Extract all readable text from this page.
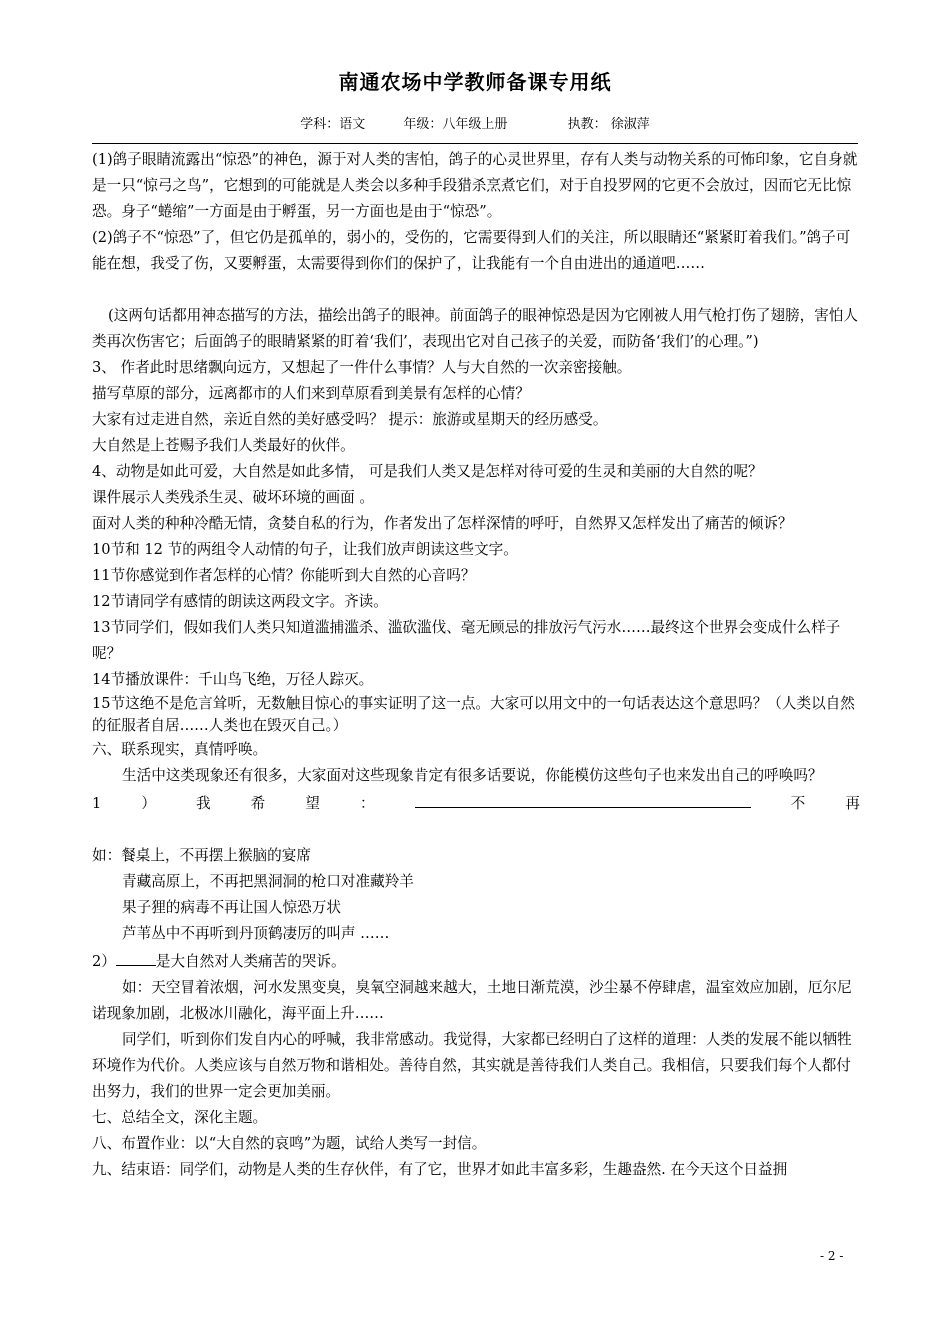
南通农场中学教师备课专用纸
学科：语文	年级：八年级上册	执教： 徐淑萍

(1)鸽子眼睛流露出“惊恐”的神色，源于对人类的害怕，鸽子的心灵世界里，存有人类与动物关系的可怖印象，它自身就是一只“惊弓之鸟”，它想到的可能就是人类会以多种手段猎杀烹煮它们，对于自投罗网的它更不会放过，因而它无比惊恐。身子“蜷缩”一方面是由于孵蛋，另一方面也是由于“惊恐”。

(2)鸽子不“惊恐”了，但它仍是孤单的，弱小的，受伤的，它需要得到人们的关注，所以眼睛还“紧紧盯着我们。”鸽子可能在想，我受了伤，又要孵蛋，太需要得到你们的保护了，让我能有一个自由进出的通道吧……

(这两句话都用神态描写的方法，描绘出鸽子的眼神。前面鸽子的眼神惊恐是因为它刚被人用气枪打伤了翅膀，害怕人类再次伤害它；后面鸽子的眼睛紧紧的盯着‘我们’，表现出它对自己孩子的关爱，而防备‘我们’的心理。”)

3、 作者此时思绪飘向远方，又想起了一件什么事情？人与大自然的一次亲密接触。

描写草原的部分，远离都市的人们来到草原看到美景有怎样的心情？

大家有过走进自然，亲近自然的美好感受吗？ 提示：旅游或星期天的经历感受。

大自然是上苍赐予我们人类最好的伙伴。

4、动物是如此可爱，大自然是如此多情， 可是我们人类又是怎样对待可爱的生灵和美丽的大自然的呢？

课件展示人类残杀生灵、破坏环境的画面 。

面对人类的种种冷酷无情，贪婪自私的行为，作者发出了怎样深情的呼吁，自然界又怎样发出了痛苦的倾诉？

10节和 12 节的两组令人动情的句子，让我们放声朗读这些文字。

11节你感觉到作者怎样的心情？你能听到大自然的心音吗？

12节请同学有感情的朗读这两段文字。齐读。

13节同学们，假如我们人类只知道滥捕滥杀、滥砍滥伐、毫无顾忌的排放污气污水……最终这个世界会变成什么样子呢？

14节播放课件：千山鸟飞绝，万径人踪灭。

15节这绝不是危言耸听，无数触目惊心的事实证明了这一点。大家可以用文中的一句话表达这个意思吗？（人类以自然的征服者自居……人类也在毁灭自己。）

六、联系现实，真情呼唤。

生活中这类现象还有很多，大家面对这些现象肯定有很多话要说，你能模仿这些句子也来发出自己的呼唤吗？

1	）	我	希	望	：	不	再

如：餐桌上，不再摆上猴脑的宴席

青藏高原上，不再把黑洞洞的枪口对准藏羚羊

果子狸的病毒不再让国人惊恐万状

芦苇丛中不再听到丹顶鹤凄厉的叫声 ……

2）	是大自然对人类痛苦的哭诉。

如：天空冒着浓烟，河水发黑变臭，臭氧空洞越来越大，土地日渐荒漠，沙尘暴不停肆虐，温室效应加剧，厄尔尼诺现象加剧，北极冰川融化，海平面上升……

同学们，听到你们发自内心的呼喊，我非常感动。我觉得，大家都已经明白了这样的道理：人类的发展不能以牺牲环境作为代价。人类应该与自然万物和谐相处。善待自然，其实就是善待我们人类自己。我相信，只要我们每个人都付出努力，我们的世界一定会更加美丽。

七、总结全文，深化主题。

八、布置作业：以“大自然的哀鸣”为题，试给人类写一封信。

九、结束语：同学们，动物是人类的生存伙伴，有了它，世界才如此丰富多彩，生趣盎然. 在今天这个日益拥

- 2 -
